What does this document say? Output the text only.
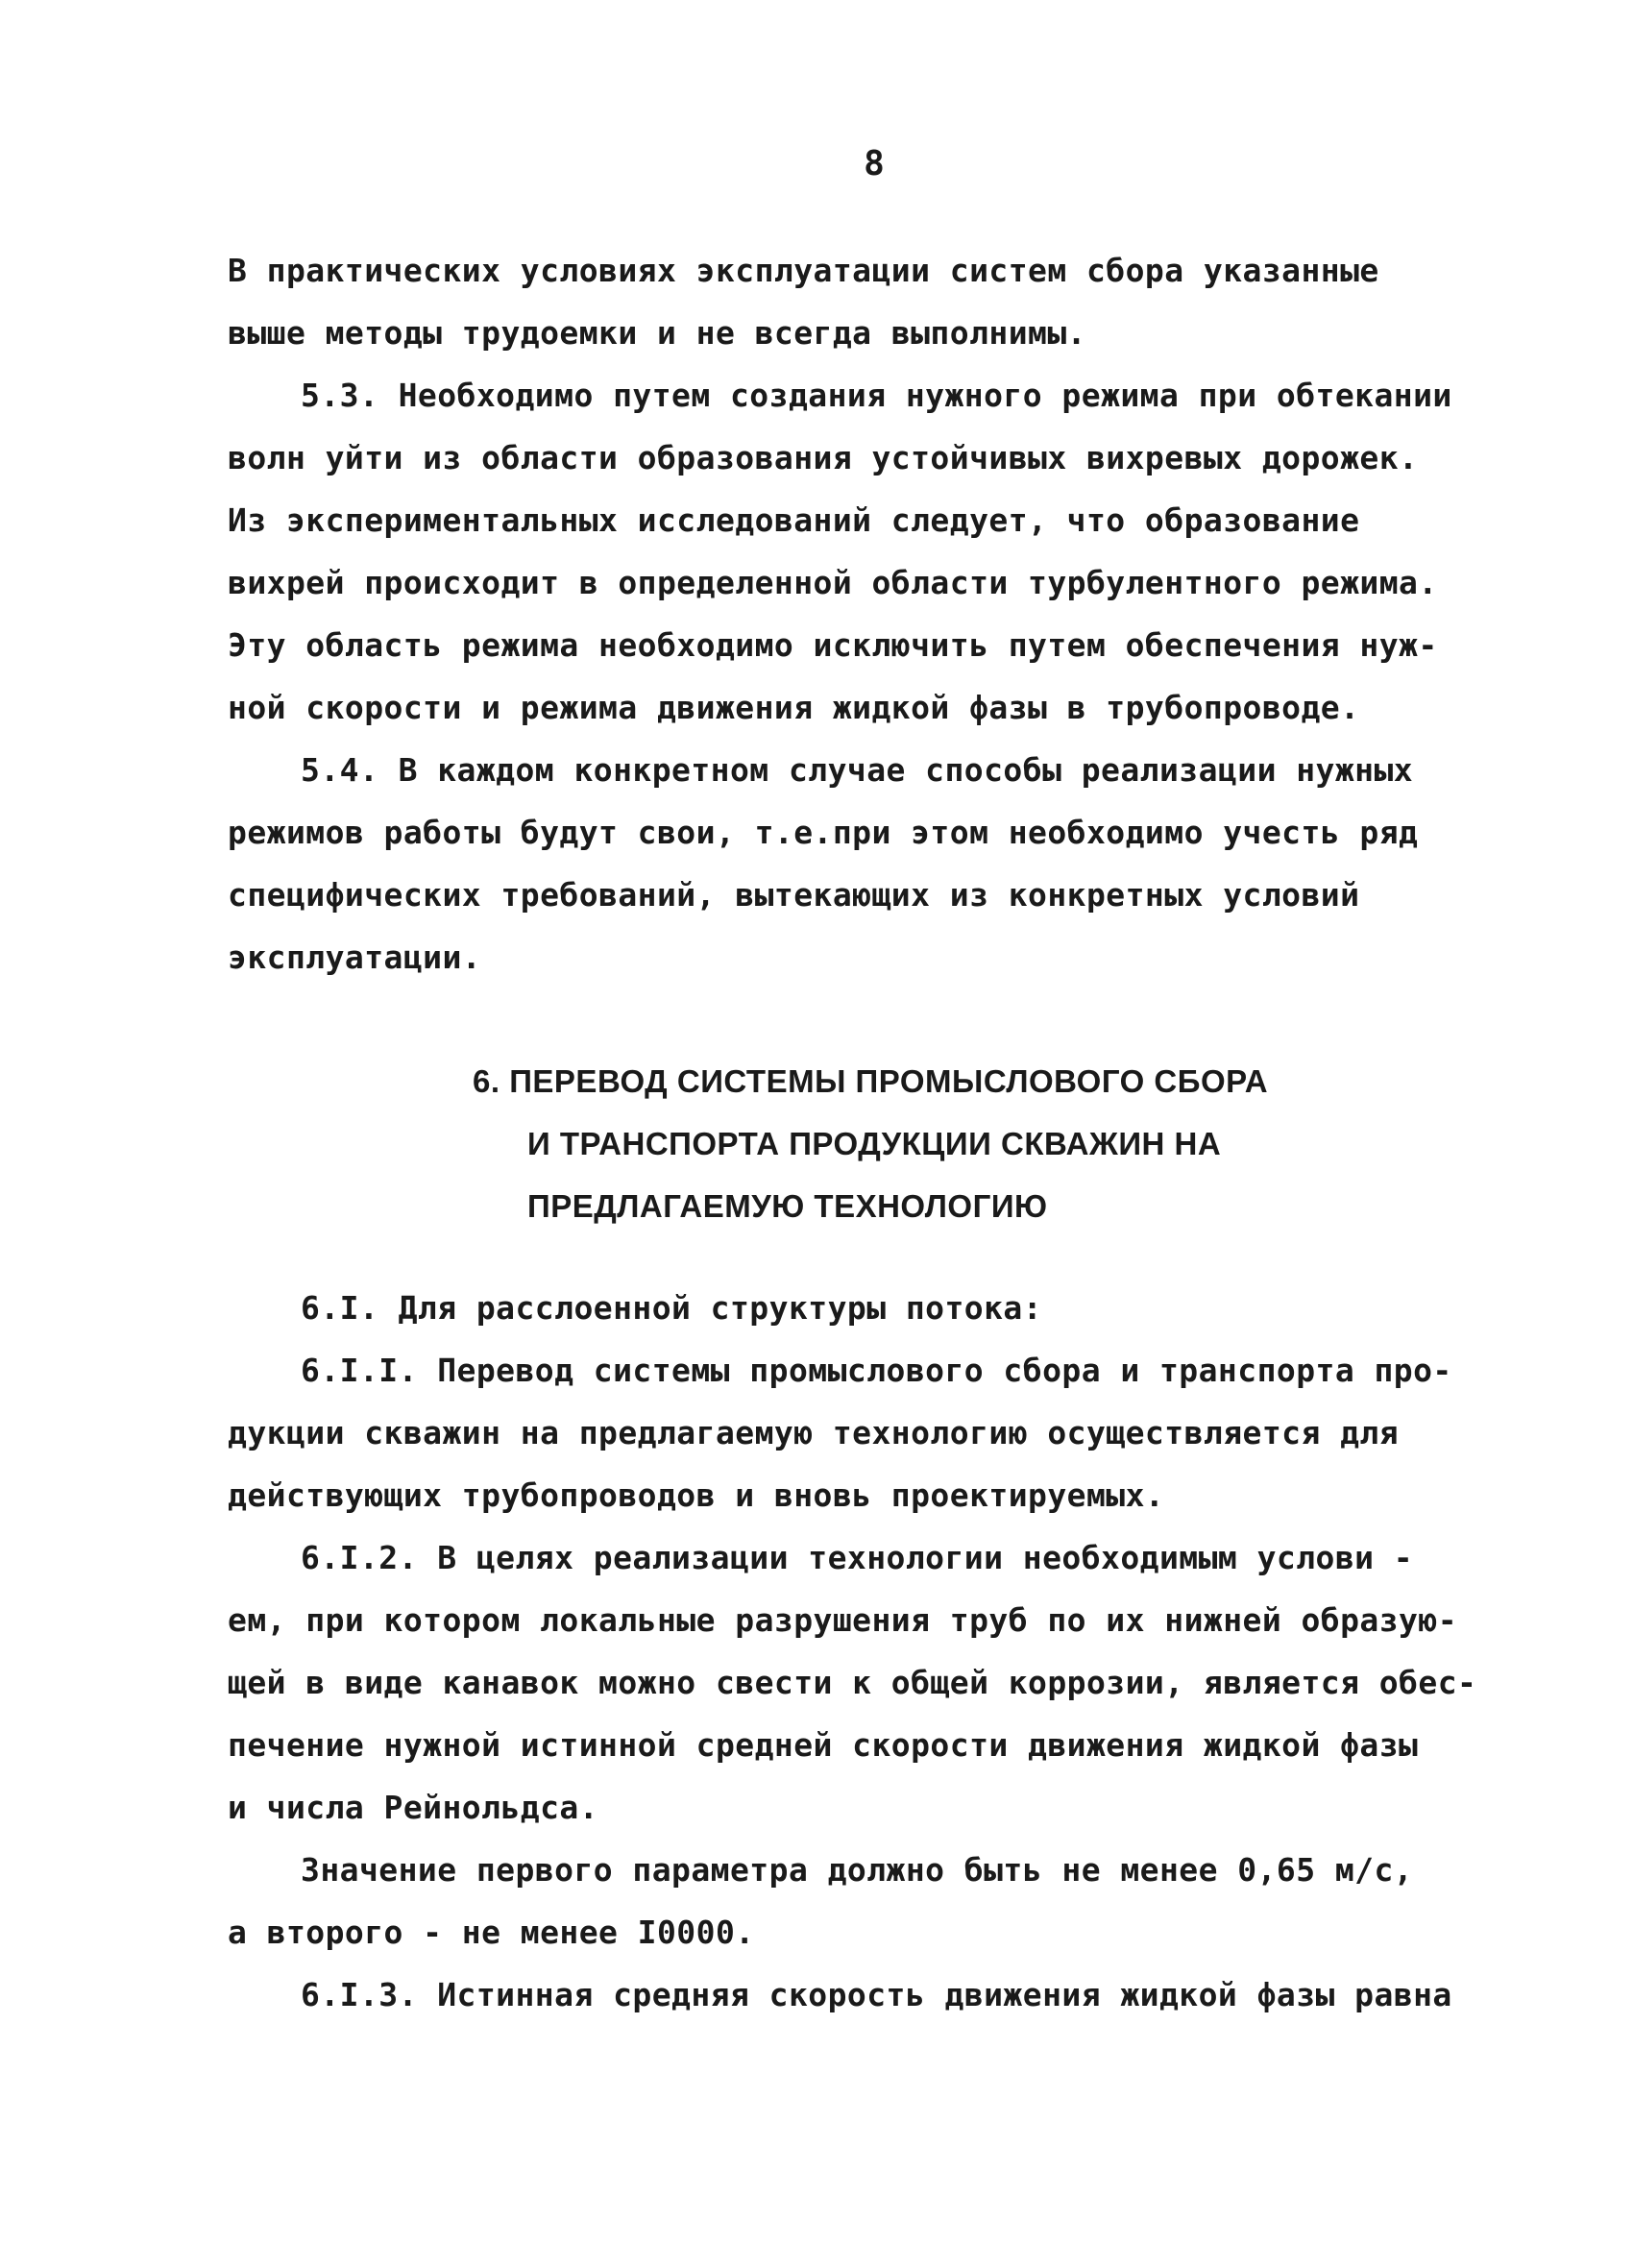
8
В практических условиях эксплуатации систем сбора указанные
выше методы трудоемки и не всегда выполнимы.
5.3. Необходимо путем создания нужного режима при обтекании
волн уйти из области образования устойчивых вихревых дорожек.
Из экспериментальных исследований следует, что образование
вихрей происходит в определенной области турбулентного режима.
Эту область режима необходимо исключить путем обеспечения нуж-
ной скорости и режима движения жидкой фазы в трубопроводе.
5.4. В каждом конкретном случае способы реализации нужных
режимов работы будут свои, т.е.при этом необходимо учесть ряд
специфических требований, вытекающих из конкретных условий
эксплуатации.
6. ПЕРЕВОД СИСТЕМЫ ПРОМЫСЛОВОГО СБОРА
И ТРАНСПОРТА ПРОДУКЦИИ СКВАЖИН НА
ПРЕДЛАГАЕМУЮ ТЕХНОЛОГИЮ
6.I. Для расслоенной структуры потока:
6.I.I. Перевод системы промыслового сбора и транспорта про-
дукции скважин на предлагаемую технологию осуществляется для
действующих трубопроводов и вновь проектируемых.
6.I.2. В целях реализации технологии необходимым услови -
ем, при котором локальные разрушения труб по их нижней образую-
щей в виде канавок можно свести к общей коррозии, является обес-
печение нужной истинной средней скорости движения жидкой фазы
и числа Рейнольдса.
Значение первого параметра должно быть не менее 0,65 м/с,
а второго - не менее I0000.
6.I.3. Истинная средняя скорость движения жидкой фазы равна
